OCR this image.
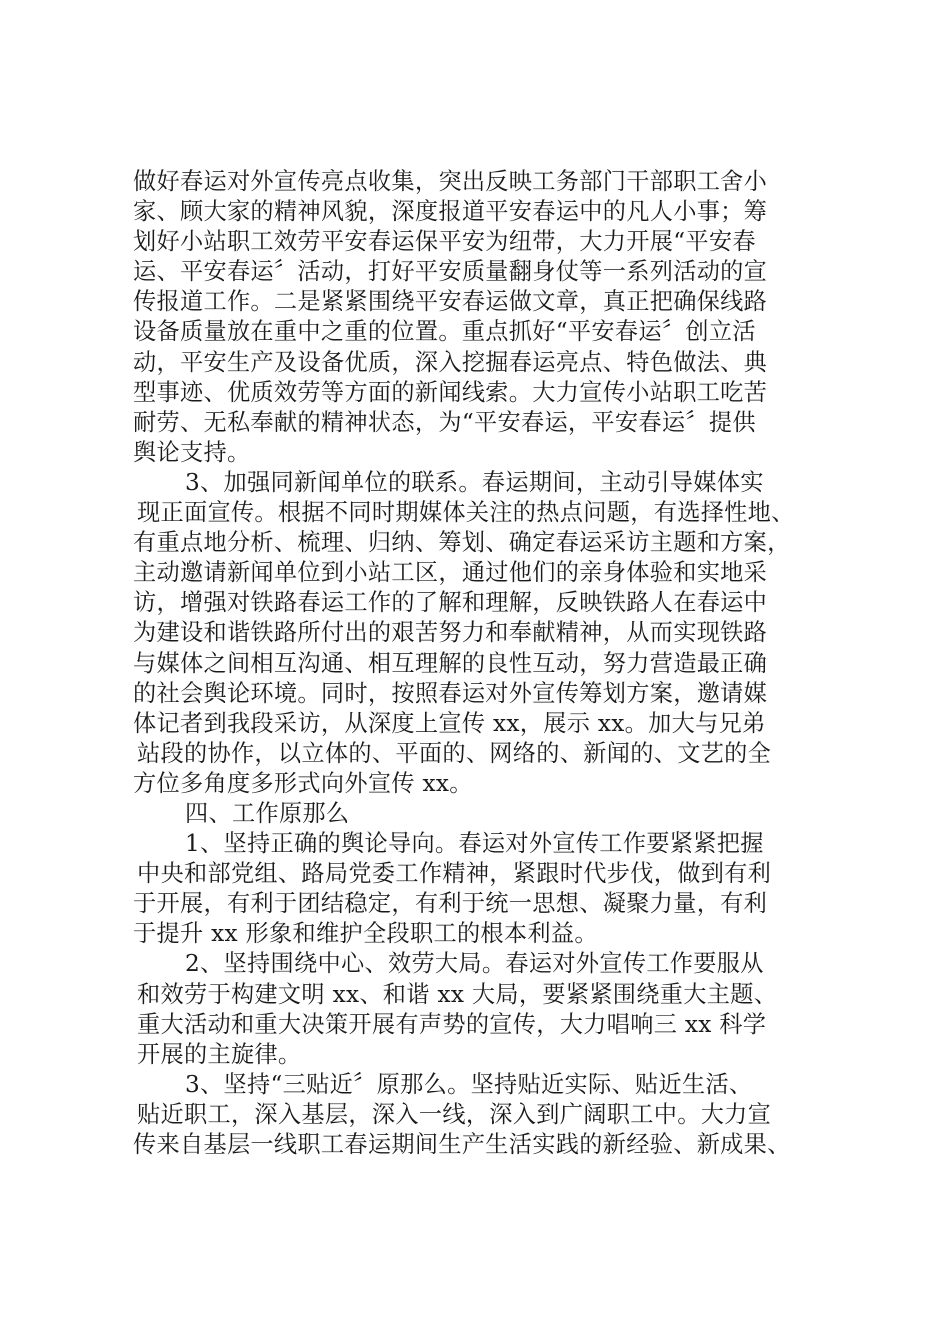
做好春运对外宣传亮点收集，突出反映工务部门干部职工舍小
家、顾大家的精神风貌，深度报道平安春运中的凡人小事；筹
划好小站职工效劳平安春运保平安为纽带，大力开展“平安春
运、平安春运〞活动，打好平安质量翻身仗等一系列活动的宣
传报道工作。二是紧紧围绕平安春运做文章，真正把确保线路
设备质量放在重中之重的位置。重点抓好“平安春运〞创立活
动，平安生产及设备优质，深入挖掘春运亮点、特色做法、典
型事迹、优质效劳等方面的新闻线索。大力宣传小站职工吃苦
耐劳、无私奉献的精神状态，为“平安春运，平安春运〞提供
舆论支持。
3、加强同新闻单位的联系。春运期间，主动引导媒体实
现正面宣传。根据不同时期媒体关注的热点问题，有选择性地、
有重点地分析、梳理、归纳、筹划、确定春运采访主题和方案，
主动邀请新闻单位到小站工区，通过他们的亲身体验和实地采
访，增强对铁路春运工作的了解和理解，反映铁路人在春运中
为建设和谐铁路所付出的艰苦努力和奉献精神，从而实现铁路
与媒体之间相互沟通、相互理解的良性互动，努力营造最正确
的社会舆论环境。同时，按照春运对外宣传筹划方案，邀请媒
体记者到我段采访，从深度上宣传 xx，展示 xx。加大与兄弟
站段的协作，以立体的、平面的、网络的、新闻的、文艺的全
方位多角度多形式向外宣传 xx。
四、工作原那么
1、坚持正确的舆论导向。春运对外宣传工作要紧紧把握
中央和部党组、路局党委工作精神，紧跟时代步伐，做到有利
于开展，有利于团结稳定，有利于统一思想、凝聚力量，有利
于提升 xx 形象和维护全段职工的根本利益。
2、坚持围绕中心、效劳大局。春运对外宣传工作要服从
和效劳于构建文明 xx、和谐 xx 大局，要紧紧围绕重大主题、
重大活动和重大决策开展有声势的宣传，大力唱响三 xx 科学
开展的主旋律。
3、坚持“三贴近〞原那么。坚持贴近实际、贴近生活、
贴近职工，深入基层，深入一线，深入到广阔职工中。大力宣
传来自基层一线职工春运期间生产生活实践的新经验、新成果、
